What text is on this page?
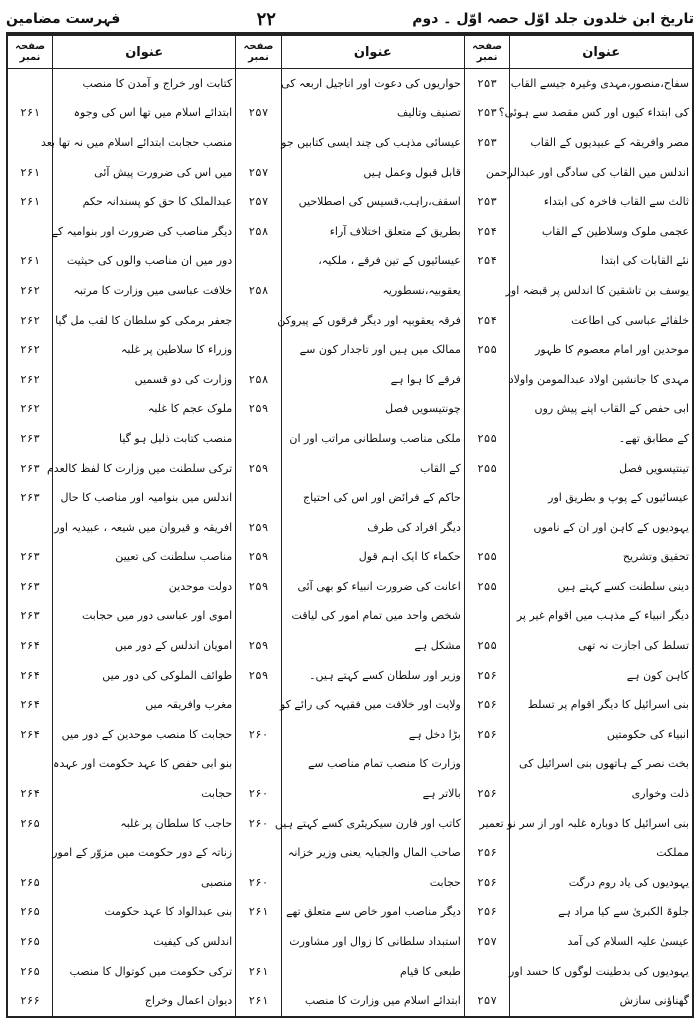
تاریخ ابن خلدون جلد اوّل حصہ اوّل ۔ دوم
۲۲
فہرست مضامین
عنوان	صفحہ نمبر	عنوان	صفحہ نمبر	عنوان	صفحہ نمبر
سفاح،منصور،مہدی وغیرہ جیسے القاب	۲۵۳	حواریوں کی دعوت اور اناجیل اربعہ کی		کتابت اور خراج و آمدن کا منصب	
کی ابتداء کیوں اور کس مقصد سے ہوئی؟	۲۵۳	تصنیف وتالیف	۲۵۷	ابتدائے اسلام میں تھا اس کی وجوہ	۲۶۱
مصر وافریقہ کے عبیدیوں کے القاب	۲۵۳	عیسائی مذہب کی چند ایسی کتابیں جو		منصب حجابت ابتدائے اسلام میں نہ تھا بعد	
اندلس میں القاب کی سادگی اور عبدالرحمن		قابل قبول وعمل ہیں	۲۵۷	میں اس کی ضرورت پیش آئی	۲۶۱
ثالث سے القاب فاخرہ کی ابتداء	۲۵۳	اسقف،راہب،قسیس کی اصطلاحیں	۲۵۷	عبدالملک کا حق کو پسندانہ حکم	۲۶۱
عجمی ملوک وسلاطین کے القاب	۲۵۴	بطریق کے متعلق اختلاف آراء	۲۵۸	دیگر مناصب کی ضرورت اور بنوامیہ کے	
نئے القابات کی ابتدا	۲۵۴	عیسائیوں کے تین فرقے ، ملکیہ،		دور میں ان مناصب والوں کی حیثیت	۲۶۱
یوسف بن تاشقین کا اندلس پر قبضہ اور		یعقوبیہ،نسطوریہ	۲۵۸	خلافت عباسی میں وزارت کا مرتبہ	۲۶۲
خلفائے عباسی کی اطاعت	۲۵۴	فرقہ یعقوبیہ اور دیگر فرقوں کے پیروکن		جعفر برمکی کو سلطان کا لقب مل گیا	۲۶۲
موحدین اور امام معصوم کا ظہور	۲۵۵	ممالک میں ہیں اور تاجدار کون سے		وزراء کا سلاطین پر غلبہ	۲۶۲
مہدی کا جانشین اولاد عبدالمومن واولاد		فرقے کا ہوا ہے	۲۵۸	وزارت کی دو قسمیں	۲۶۲
ابی حفص کے القاب اپنے پیش روں		چونتیسویں فصل	۲۵۹	ملوک عجم کا غلبہ	۲۶۲
کے مطابق تھے۔	۲۵۵	ملکی مناصب وسلطانی مراتب اور ان		منصب کتابت ذلیل ہو گیا	۲۶۳
تینتیسویں فصل	۲۵۵	کے القاب	۲۵۹	ترکی سلطنت میں وزارت کا لفظ کالعدم	۲۶۳
عیسائیوں کے پوپ و بطریق اور		حاکم کے فرائض اور اس کی احتیاج		اندلس میں بنوامیہ اور مناصب کا حال	۲۶۳
یہودیوں کے کاہن اور ان کے ناموں		دیگر افراد کی طرف	۲۵۹	افریقہ و قیروان میں شیعہ ، عبیدیہ اور	
تحقیق وتشریح	۲۵۵	حکماء کا ایک اہم قول	۲۵۹	مناصب سلطنت کی تعیین	۲۶۳
دینی سلطنت کسے کہتے ہیں	۲۵۵	اعانت کی ضرورت انبیاء کو بھی آئی	۲۵۹	دولت موحدین	۲۶۳
دیگر انبیاء کے مذہب میں اقوام غیر پر		شخص واحد میں تمام امور کی لیاقت		اموی اور عباسی دور میں حجابت	۲۶۳
تسلط کی اجازت نہ تھی	۲۵۵	مشکل ہے	۲۵۹	امویان اندلس کے دور میں	۲۶۴
کاہن کون ہے	۲۵۶	وزیر اور سلطان کسے کہتے ہیں۔	۲۵۹	طوائف الملوکی کی دور میں	۲۶۴
بنی اسرائیل کا دیگر اقوام پر تسلط	۲۵۶	ولایت اور خلافت میں فقیہہ کی رائے کو		مغرب وافریقہ میں	۲۶۴
انبیاء کی حکومتیں	۲۵۶	بڑا دخل ہے	۲۶۰	حجابت کا منصب موحدین کے دور میں	۲۶۴
بخت نصر کے ہاتھوں بنی اسرائیل کی		وزارت کا منصب تمام مناصب سے		بنو ابی حفص کا عہد حکومت اور عہدہ	
ذلت وخواری	۲۵۶	بالاتر ہے	۲۶۰	حجابت	۲۶۴
بنی اسرائیل کا دوبارہ غلبہ اور از سر نو تعمیر		کاتب اور فارن سیکریٹری کسے کہتے ہیں	۲۶۰	حاجب کا سلطان پر غلبہ	۲۶۵
مملکت	۲۵۶	صاحب المال والجبایہ یعنی وزیر خزانہ		زناتہ کے دور حکومت میں مزوّر کے امور	
یہودیوں کی یاد روم درگت	۲۵۶	حجابت	۲۶۰	منصبی	۲۶۵
جلوۃ الکبریٰ سے کیا مراد ہے	۲۵۶	دیگر مناصب امور خاص سے متعلق تھے	۲۶۱	بنی عبدالواد کا عہد حکومت	۲۶۵
عیسیٰ علیہ السلام کی آمد	۲۵۷	استبداد سلطانی کا زوال اور مشاورت		اندلس کی کیفیت	۲۶۵
یہودیوں کی بدطینت لوگوں کا حسد اور		طبعی کا قیام	۲۶۱	ترکی حکومت میں کوتوال کا منصب	۲۶۵
گھناؤنی سازش	۲۵۷	ابتدائے اسلام میں وزارت کا منصب	۲۶۱	دیوان اعمال وخراج	۲۶۶
